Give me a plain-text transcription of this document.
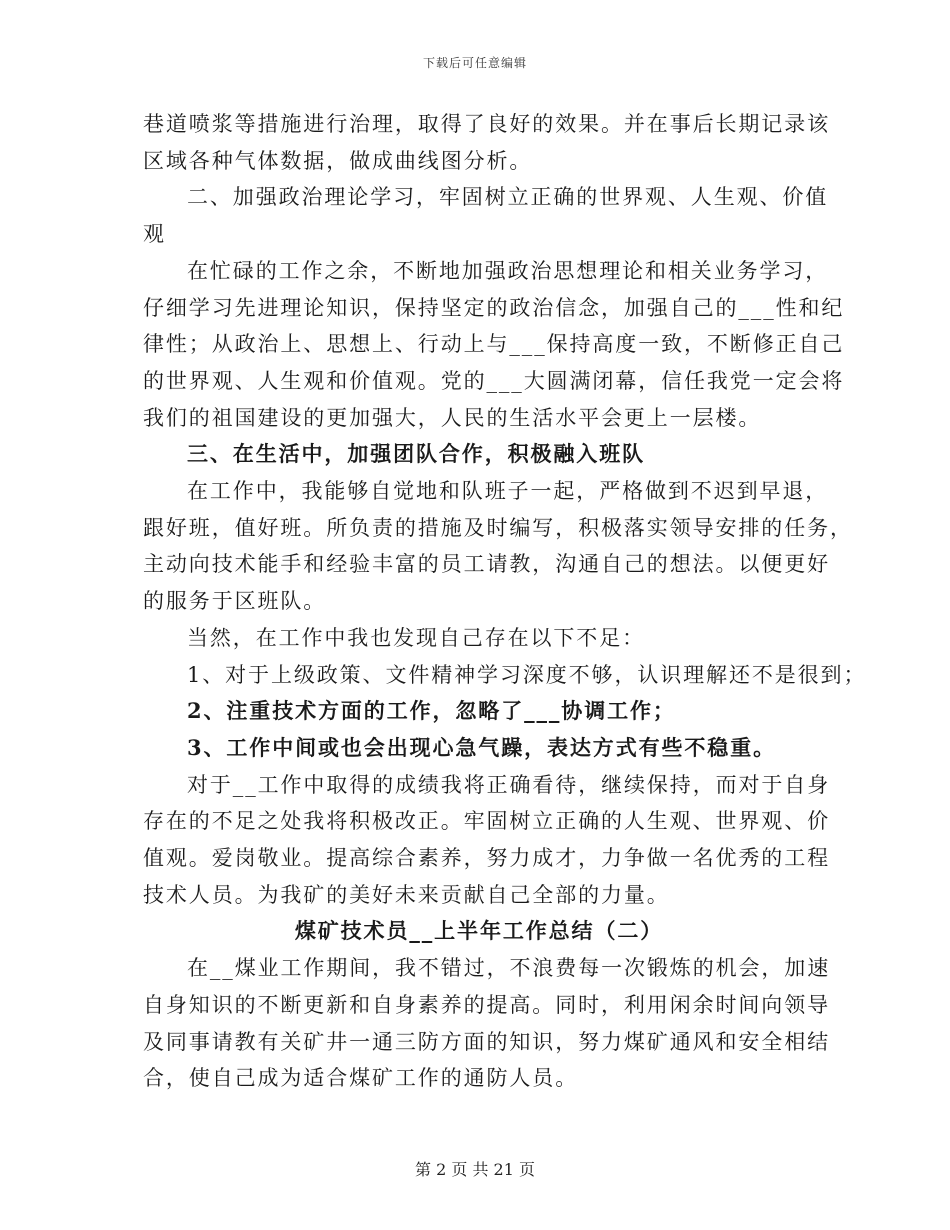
下载后可任意编辑
巷道喷浆等措施进行治理，取得了良好的效果。并在事后长期记录该
区域各种气体数据，做成曲线图分析。
二、加强政治理论学习，牢固树立正确的世界观、人生观、价值
观
在忙碌的工作之余，不断地加强政治思想理论和相关业务学习，
仔细学习先进理论知识，保持坚定的政治信念，加强自己的___性和纪
律性；从政治上、思想上、行动上与___保持高度一致，不断修正自己
的世界观、人生观和价值观。党的___大圆满闭幕，信任我党一定会将
我们的祖国建设的更加强大，人民的生活水平会更上一层楼。
三、在生活中，加强团队合作，积极融入班队
在工作中，我能够自觉地和队班子一起，严格做到不迟到早退，
跟好班，值好班。所负责的措施及时编写，积极落实领导安排的任务，
主动向技术能手和经验丰富的员工请教，沟通自己的想法。以便更好
的服务于区班队。
当然，在工作中我也发现自己存在以下不足：
1、对于上级政策、文件精神学习深度不够，认识理解还不是很到；
2、注重技术方面的工作，忽略了___协调工作；
3、工作中间或也会出现心急气躁，表达方式有些不稳重。
对于__工作中取得的成绩我将正确看待，继续保持，而对于自身
存在的不足之处我将积极改正。牢固树立正确的人生观、世界观、价
值观。爱岗敬业。提高综合素养，努力成才，力争做一名优秀的工程
技术人员。为我矿的美好未来贡献自己全部的力量。
煤矿技术员__上半年工作总结（二）
在__煤业工作期间，我不错过，不浪费每一次锻炼的机会，加速
自身知识的不断更新和自身素养的提高。同时，利用闲余时间向领导
及同事请教有关矿井一通三防方面的知识，努力煤矿通风和安全相结
合，使自己成为适合煤矿工作的通防人员。
第 2 页 共 21 页
